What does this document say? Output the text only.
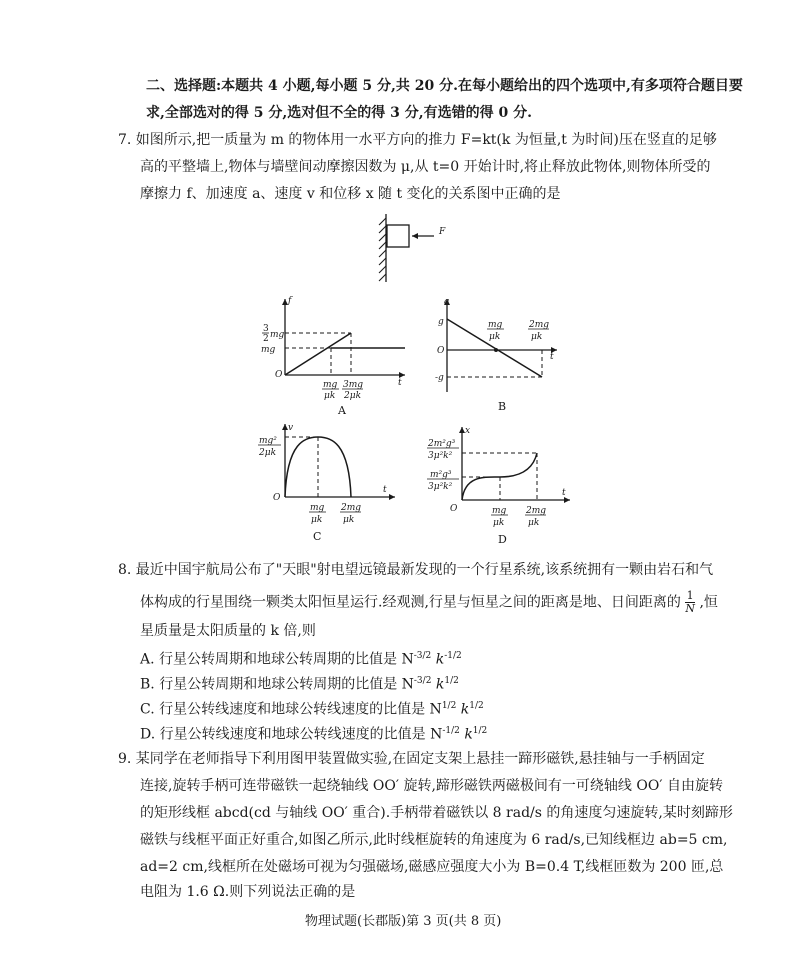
二、选择题:本题共 4 小题,每小题 5 分,共 20 分.在每小题给出的四个选项中,有多项符合题目要
求,全部选对的得 5 分,选对但不全的得 3 分,有选错的得 0 分.
7. 如图所示,把一质量为 m 的物体用一水平方向的推力 F=kt(k 为恒量,t 为时间)压在竖直的足够
高的平整墙上,物体与墙壁间动摩擦因数为 μ,从 t=0 开始计时,将止释放此物体,则物体所受的
摩擦力 f、加速度 a、速度 v 和位移 x 随 t 变化的关系图中正确的是
F
f
t
O
3
2 mg
mg
mg
μk
3mg
2μk
A
a
t
O
g
-g
mg
μk
2mg
μk
B
v
t
O
mg²
2μk
mg
μk
2mg
μk
C
x
t
O
2m²g³
3μ²k²
m²g³
3μ²k²
mg
μk
2mg
μk
D
8. 最近中国宇航局公布了"天眼"射电望远镜最新发现的一个行星系统,该系统拥有一颗由岩石和气
体构成的行星围绕一颗类太阳恒星运行.经观测,行星与恒星之间的距离是地、日间距离的 $\frac{1}{N}$ ,恒
星质量是太阳质量的 k 倍,则
A. 行星公转周期和地球公转周期的比值是 $N^{-3/2}$ $k^{-1/2}$
B. 行星公转周期和地球公转周期的比值是 $N^{-3/2}$ $k^{1/2}$
C. 行星公转线速度和地球公转线速度的比值是 $N^{1/2}$ $k^{1/2}$
D. 行星公转线速度和地球公转线速度的比值是 $N^{-1/2}$ $k^{1/2}$
9. 某同学在老师指导下利用图甲装置做实验,在固定支架上悬挂一蹄形磁铁,悬挂轴与一手柄固定
连接,旋转手柄可连带磁铁一起绕轴线 OO′ 旋转,蹄形磁铁两磁极间有一可绕轴线 OO′ 自由旋转
的矩形线框 abcd(cd 与轴线 OO′ 重合).手柄带着磁铁以 8 rad/s 的角速度匀速旋转,某时刻蹄形
磁铁与线框平面正好重合,如图乙所示,此时线框旋转的角速度为 6 rad/s,已知线框边 ab=5 cm,
ad=2 cm,线框所在处磁场可视为匀强磁场,磁感应强度大小为 B=0.4 T,线框匝数为 200 匝,总
电阻为 1.6 Ω.则下列说法正确的是
物理试题(长郡版)第 3 页(共 8 页)
